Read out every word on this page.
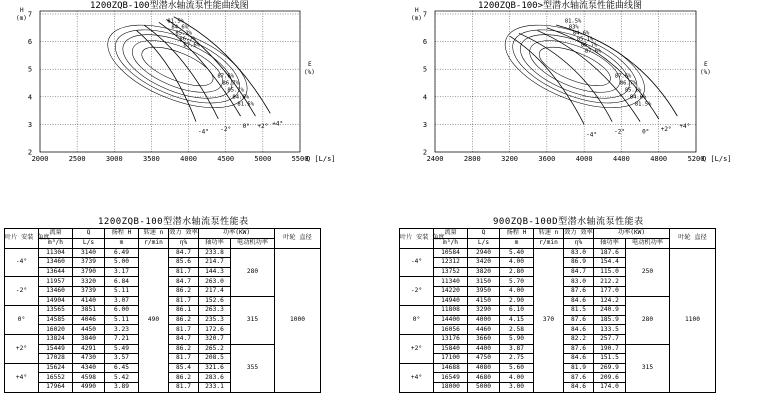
1200ZQB-100型潜水轴流泵性能曲线图
2000	2500	3000	3500	4000	4500	5000	5500
2
3
4
5
6
7
H
(m)
Q [L/s]
E
(%)
-4° -2° 0° +2° +4°
81.5%
84.6%
85.1%
86.7%
87.6%
87.6%
86.7%
85.1%
84.6%
81.5%
1200ZQB-100>型潜水轴流泵性能曲线图
2400	2800	3200	3600	4000	4400	4800	5200
2
3
4
5
6
7
H
(m)
Q [L/s]
E
(%)
-4°	-2°	0° +2° +4°
81.5%
83%
84.6%
85.1%
86.7%
87.6%
87.6%
86.7%
85.1%
84.6%
81.5%
1200ZQB-100型潜水轴流泵性能表	900ZQB-100D型潜水轴流泵性能表
叶片 安装 角度	流量	Q	扬程 H	转速 n	效力 效率	功率(KW)		叶轮 直径
	m³/h	L/s	m	r/min	η%	轴功率	电动机功率	
-4°	11304	3140	6.49	490	84.7	233.8	280	1000
	13460	3739	5.00		85.6	214.7		
	13644	3790	3.17		81.7	144.3		
-2°	11957	3320	6.84		84.7	263.0		
	13460	3739	5.11		86.2	217.4		
	14904	4140	3.07		81.7	152.6	315	
0°	13565	3851	6.00		86.1	263.3		
	14585	4046	5.11		86.2	235.3		
	16020	4450	3.23		81.7	172.6		
+2°	13824	3840	7.21		84.7	320.7		
	15449	4291	5.49		86.2	265.2	355	
	17028	4730	3.57		81.7	208.5		
+4°	15624	4340	6.45		85.4	321.6		
	16552	4598	5.42		86.2	283.6		
	17964	4990	3.89		81.7	233.1		
叶片 安装 角度	流量	Q	扬程 H	转速 n	效力 效率	功率(KW)		叶轮 直径
	m³/h	L/s	m	r/min	η%	轴功率	电动机功率	
-4°	10584	2940	5.40	370	83.0	187.6	250	1100
	12312	3420	4.00		86.9	154.4		
	13752	3820	2.80		84.7	115.0		
-2°	11340	3150	5.70		83.0	212.2		
	14220	3950	4.00		87.6	177.0		
	14940	4150	2.90		84.6	124.2	280	
0°	11808	3290	6.10		81.5	240.9		
	14400	4000	4.15		87.6	185.9		
	16056	4460	2.58		84.6	133.5		
+2°	13176	3660	5.90		82.2	257.7		
	15840	4400	3.87		87.6	190.7	315	
	17100	4750	2.75		84.6	151.5		
+4°	14688	4080	5.60		81.9	269.9		
	16549	4680	4.00		87.6	209.6		
	18000	5000	3.00		84.6	174.0		
